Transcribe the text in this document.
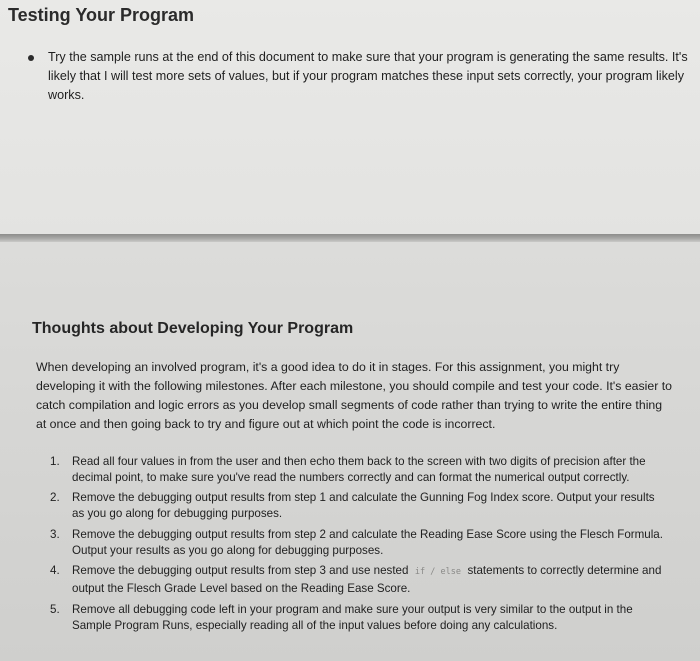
Testing Your Program
Try the sample runs at the end of this document to make sure that your program is generating the same results. It's likely that I will test more sets of values, but if your program matches these input sets correctly, your program likely works.
Thoughts about Developing Your Program

When developing an involved program, it's a good idea to do it in stages. For this assignment, you might try developing it with the following milestones. After each milestone, you should compile and test your code. It's easier to catch compilation and logic errors as you develop small segments of code rather than trying to write the entire thing at once and then going back to try and figure out at which point the code is incorrect.

1. Read all four values in from the user and then echo them back to the screen with two digits of precision after the decimal point, to make sure you've read the numbers correctly and can format the numerical output correctly.
2. Remove the debugging output results from step 1 and calculate the Gunning Fog Index score. Output your results as you go along for debugging purposes.
3. Remove the debugging output results from step 2 and calculate the Reading Ease Score using the Flesch Formula. Output your results as you go along for debugging purposes.
4. Remove the debugging output results from step 3 and use nested if / else statements to correctly determine and output the Flesch Grade Level based on the Reading Ease Score.
5. Remove all debugging code left in your program and make sure your output is very similar to the output in the Sample Program Runs, especially reading all of the input values before doing any calculations.
